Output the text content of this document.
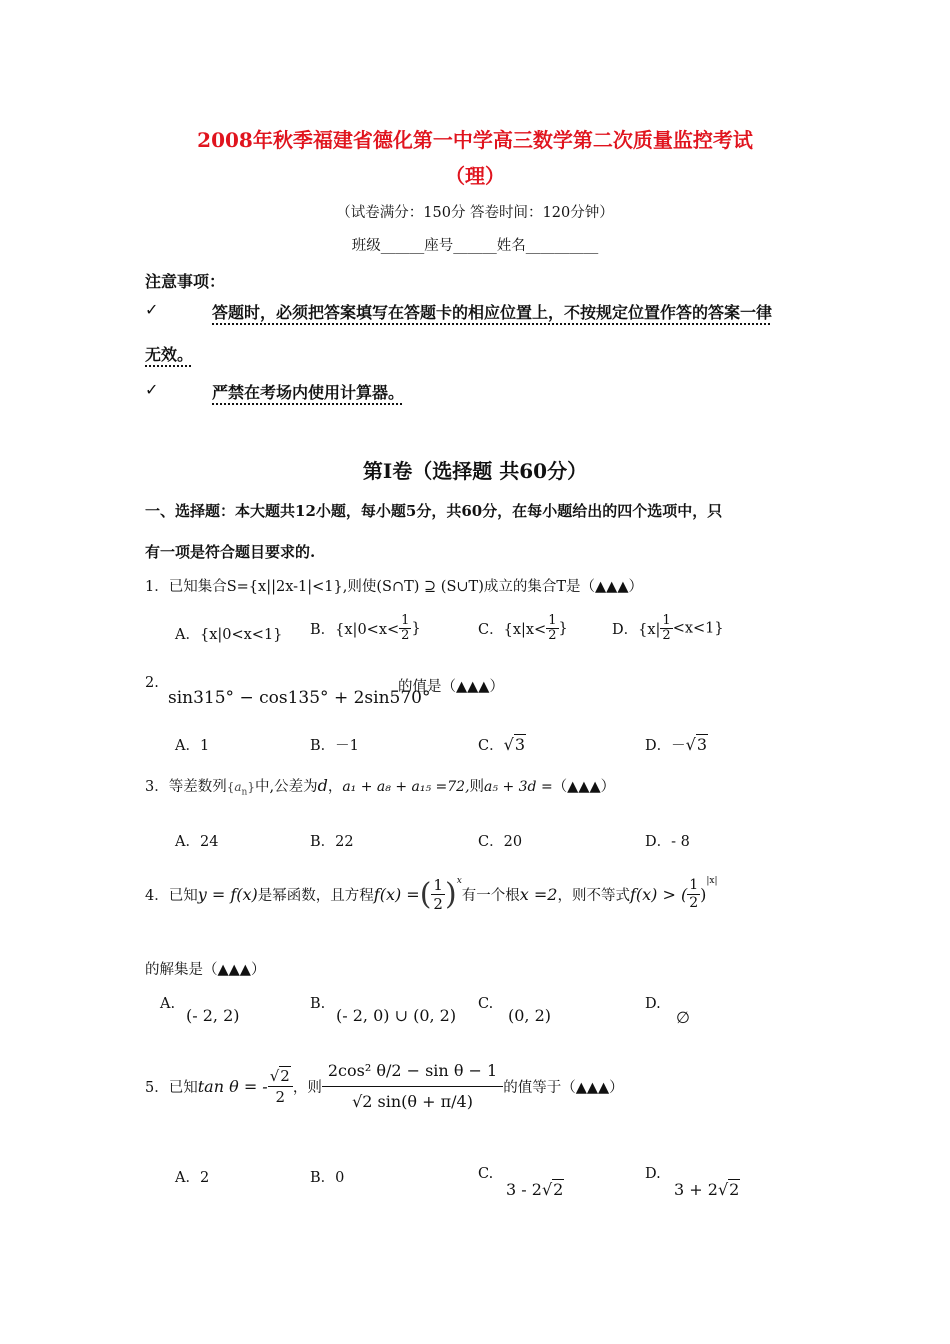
2008年秋季福建省德化第一中学高三数学第二次质量监控考试
（理）
（试卷满分：150分 答卷时间：120分钟）
班级______座号______姓名__________
注意事项：
✓	答题时，必须把答案填写在答题卡的相应位置上，不按规定位置作答的答案一律
无效。
✓	严禁在考场内使用计算器。
第Ⅰ卷（选择题 共60分）
一、选择题：本大题共12小题，每小题5分，共60分，在每小题给出的四个选项中，只
有一项是符合题目要求的.
1．已知集合S={x||2x-1|<1},则使(S∩T) ⊇ (S∪T)成立的集合T是（▲▲▲）
A．{x|0<x<1} B．{$x|0<x< \frac{1}{2}$ }	C．{$x|x< \frac{1}{2}$ }	D．$\{x| \frac{1}{2} <x<1\}$
2.
sin315° − cos135° + 2sin570°
的值是（▲▲▲）
A．1	B．－1	C．√3	D．－√3
3．等差数列$\{a_n\}$中,公差为d，a₁ + a₈ + a₁₅ =72,则a₅ + 3d =（▲▲▲）
A．24	B．22	C．20	D．- 8
4．已知y = f(x)是幂函数，且方程f(x) =( $\frac{1}{2} )^x$有一个根x =2，则不等式f(x) > ( $\frac{1}{2} )^{|x|}$
的解集是（▲▲▲）
A.
(- 2, 2)
B.
(- 2, 0) ∪ (0, 2)
C.
(0, 2)
D.
∅
5．已知tan θ = - $\frac{√2}{2}$ ，则 $\frac{\text{2cos² θ/2 − sin θ − 1}}{√2 \sin(\theta + \pi/4)}$ 的值等于（▲▲▲）
A．2	B．0	C.
3 - 2√2
D.
3 + 2√2
